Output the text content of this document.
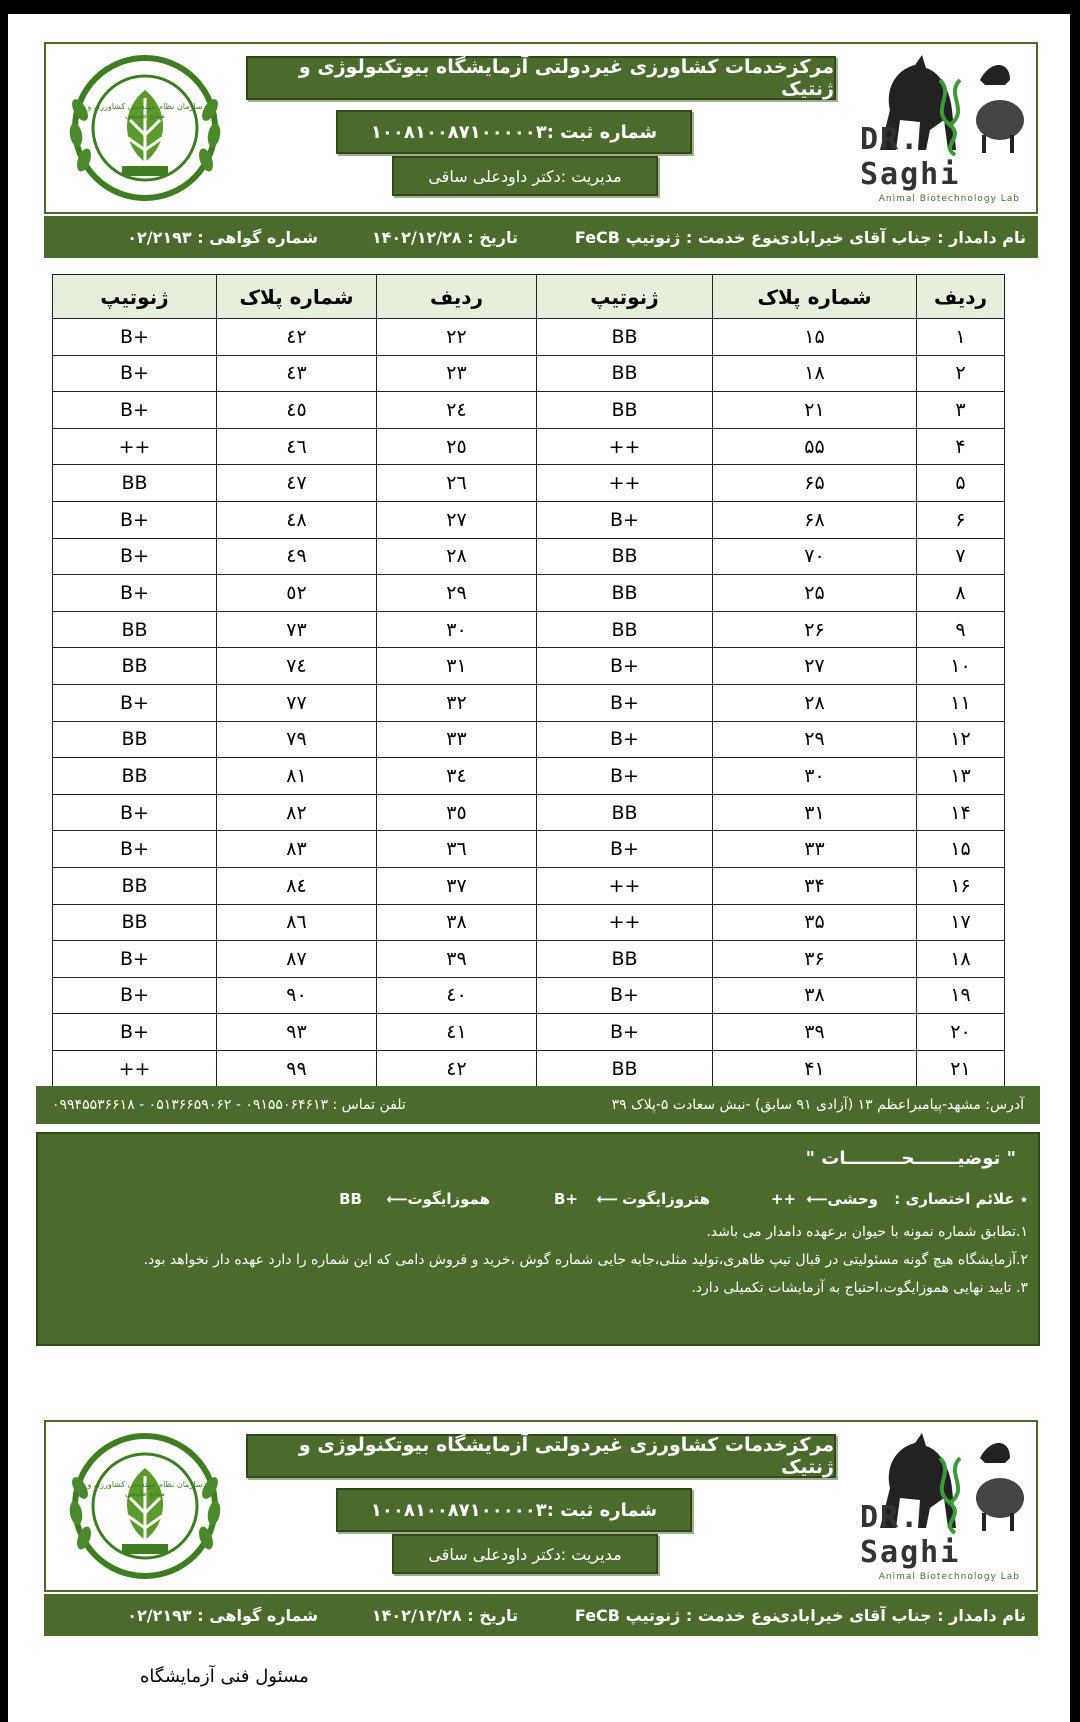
سازمان نظام مهندسی کشاورزی و منابع طبیعی
مرکزخدمات کشاورزی غیردولتی آزمایشگاه بیوتکنولوژی و ژنتیک
شماره ثبت :۱۰۰۸۱۰۰۸۷۱۰۰۰۰۰۳
مدیریت :دکتر داودعلی ساقی
DR. Saghi
Animal Biotechnology Lab
نام دامدار : جناب آقای خیرابادی
نوع خدمت : ژنوتیپ FeCB
تاریخ : ۱۴۰۲/۱۲/۲۸
شماره گواهی : ۰۲/۲۱۹۳
ردیف	شماره پلاک	ژنوتیپ	ردیف	شماره پلاک	ژنوتیپ
۱	۱۵	BB	۲۲	٤٢	B+
۲	۱۸	BB	۲۳	٤٣	B+
۳	۲۱	BB	۲٤	٤٥	B+
۴	۵۵	++	۲٥	٤٦	++
۵	۶۵	++	۲٦	٤٧	BB
۶	۶۸	B+	۲۷	٤٨	B+
۷	۷۰	BB	۲۸	٤٩	B+
۸	۲۵	BB	۲۹	٥٢	B+
۹	۲۶	BB	۳۰	۷۳	BB
۱۰	۲۷	B+	۳۱	۷٤	BB
۱۱	۲۸	B+	۳۲	۷۷	B+
۱۲	۲۹	B+	۳۳	۷۹	BB
۱۳	۳۰	B+	۳٤	۸۱	BB
۱۴	۳۱	BB	۳٥	۸۲	B+
۱۵	۳۳	B+	۳٦	۸۳	B+
۱۶	۳۴	++	۳۷	۸٤	BB
۱۷	۳۵	++	۳۸	۸٦	BB
۱۸	۳۶	BB	۳۹	۸۷	B+
۱۹	۳۸	B+	٤۰	۹۰	B+
۲۰	۳۹	B+	٤۱	۹۳	B+
۲۱	۴۱	BB	٤۲	۹۹	++
آدرس: مشهد-پیامبراعظم ۱۳ (آزادی ۹۱ سابق) -نبش سعادت ۵-پلاک ۳۹
تلفن تماس : ۰۹۱۵۵۰۶۴۶۱۳ - ۰۵۱۳۶۶۵۹۰۶۲ - ۰۹۹۴۵۵۳۶۶۱۸
" توضیـــــــحـــــــــات "
٭ علائم اختصاری :
وحشی
⟵
++
هتروزایگوت
⟵
B+
هموزایگوت
⟵
BB
۱.تطابق شماره نمونه با حیوان برعهده دامدار می باشد.
۲.آزمایشگاه هیچ گونه مسئولیتی در قبال تیپ ظاهری،تولید مثلی،جابه جایی شماره گوش ،خرید و فروش دامی که این شماره را دارد عهده دار نخواهد بود.
۳. تایید نهایی هموزایگوت،احتیاج به آزمایشات تکمیلی دارد.
سازمان نظام مهندسی کشاورزی و منابع طبیعی
مرکزخدمات کشاورزی غیردولتی آزمایشگاه بیوتکنولوژی و ژنتیک
شماره ثبت :۱۰۰۸۱۰۰۸۷۱۰۰۰۰۰۳
مدیریت :دکتر داودعلی ساقی
DR. Saghi
Animal Biotechnology Lab
نام دامدار : جناب آقای خیرابادی
نوع خدمت : ژنوتیپ FeCB
تاریخ : ۱۴۰۲/۱۲/۲۸
شماره گواهی : ۰۲/۲۱۹۳
مسئول فنی آزمایشگاه
